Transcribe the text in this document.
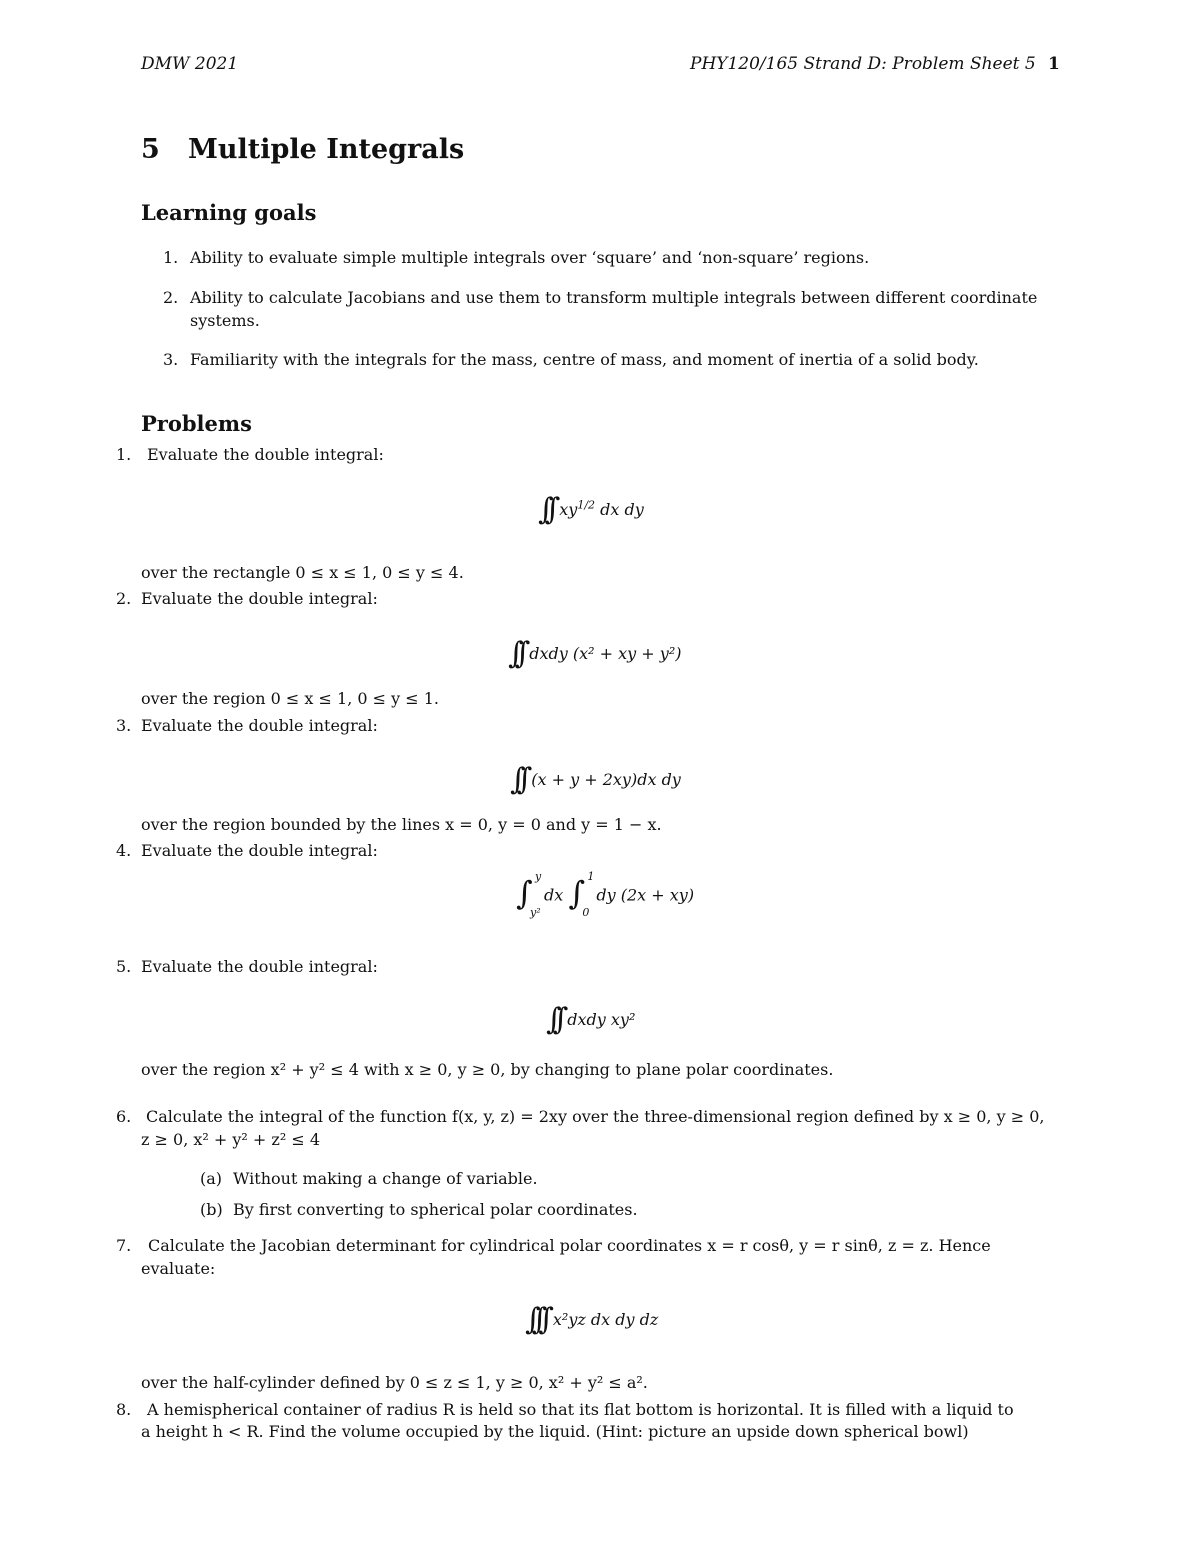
DMW 2021	PHY120/165 Strand D: Problem Sheet 5 1
5 Multiple Integrals
Learning goals
1. Ability to evaluate simple multiple integrals over ‘square’ and ‘non-square’ regions.
2. Ability to calculate Jacobians and use them to transform multiple integrals between different coordinate
systems.
3. Familiarity with the integrals for the mass, centre of mass, and moment of inertia of a solid body.
Problems
1. Evaluate the double integral:
∫∫ $xy^{1/2}$ dx dy
over the rectangle 0 ≤ x ≤ 1, 0 ≤ y ≤ 4.
2. Evaluate the double integral:
∫∫ dxdy (x² + xy + y²)
over the region 0 ≤ x ≤ 1, 0 ≤ y ≤ 1.
3. Evaluate the double integral:
∫∫ (x + y + 2xy)dx dy
over the region bounded by the lines x = 0, y = 0 and y = 1 − x.
4. Evaluate the double integral:
∫ y
y²
dx ∫ 1
0
dy (2x + xy)
5. Evaluate the double integral:
∫∫ dxdy xy²
over the region x² + y² ≤ 4 with x ≥ 0, y ≥ 0, by changing to plane polar coordinates.
6. Calculate the integral of the function f(x, y, z) = 2xy over the three-dimensional region defined by x ≥ 0, y ≥ 0,
z ≥ 0, x² + y² + z² ≤ 4
(a) Without making a change of variable.
(b) By first converting to spherical polar coordinates.
7. Calculate the Jacobian determinant for cylindrical polar coordinates x = r cosθ, y = r sinθ, z = z. Hence
evaluate:
∫∫∫ x²yz dx dy dz
over the half-cylinder defined by 0 ≤ z ≤ 1, y ≥ 0, x² + y² ≤ a².
8. A hemispherical container of radius R is held so that its flat bottom is horizontal. It is filled with a liquid to
a height h < R. Find the volume occupied by the liquid. (Hint: picture an upside down spherical bowl)
